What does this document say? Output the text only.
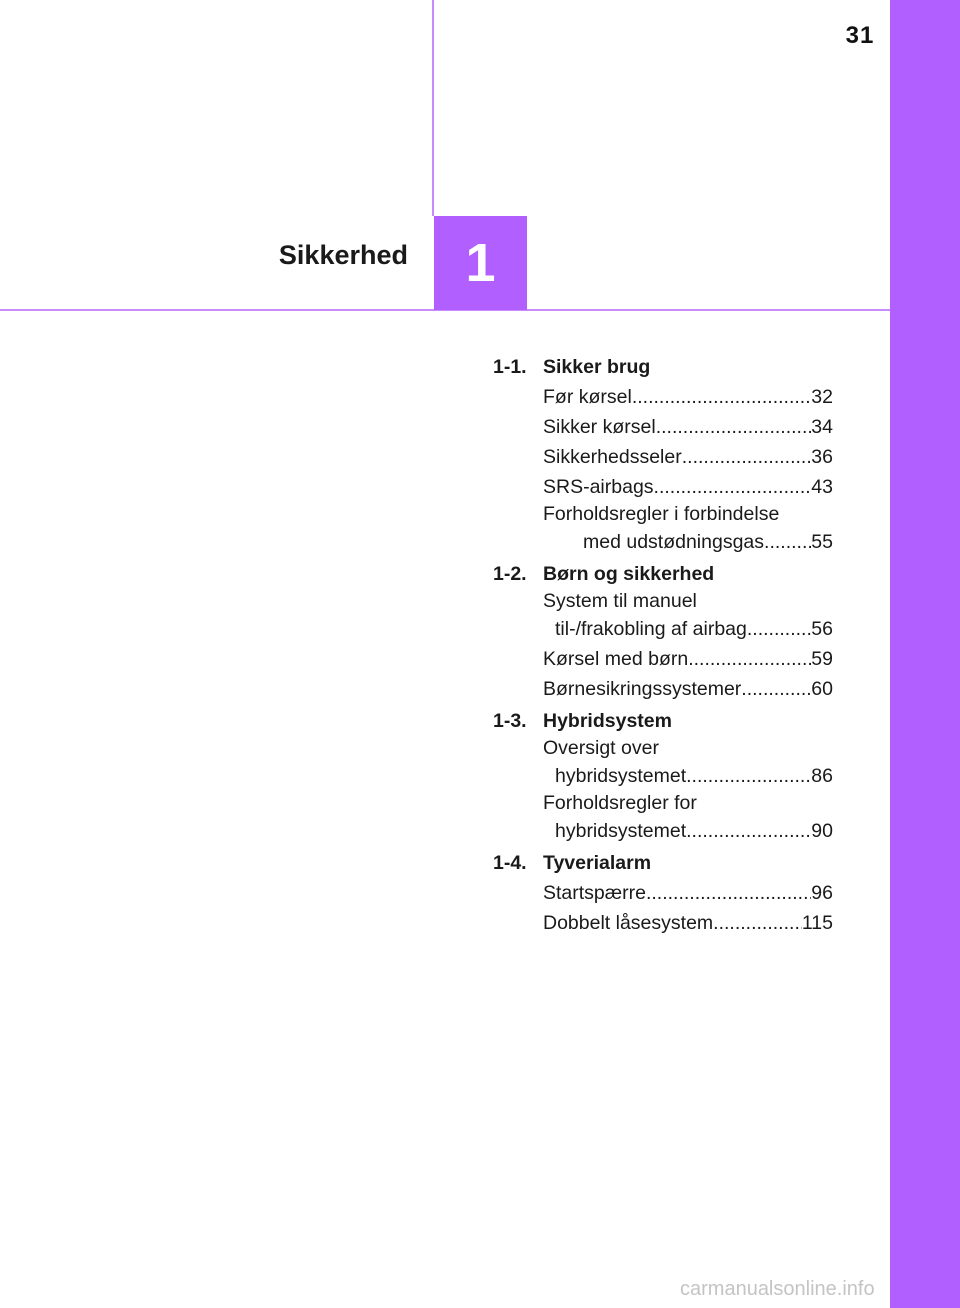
31
1
Sikkerhed
1-1. Sikker brug
Før kørsel .....	32
Sikker kørsel .....	34
Sikkerhedsseler .....	36
SRS-airbags .....	43
Forholdsregler i forbindelse
med udstødningsgas ..... 55
1-2. Børn og sikkerhed
System til manuel
til-/frakobling af airbag .....	56
Kørsel med børn .....	59
Børnesikringssystemer .....	60
1-3. Hybridsystem
Oversigt over
hybridsystemet .....	86
Forholdsregler for
hybridsystemet .....	90
1-4. Tyverialarm
Startspærre .....	96
Dobbelt låsesystem .....	115
carmanualsonline.info
